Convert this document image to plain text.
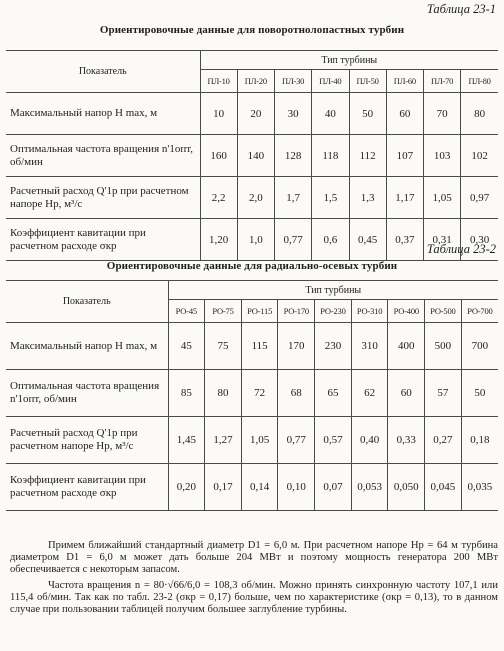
Таблица 23-1
Ориентировочные данные для поворотнолопастных турбин
Показатель	Тип турбины							
	ПЛ-10	ПЛ-20	ПЛ-30	ПЛ-40	ПЛ-50	ПЛ-60	ПЛ-70	ПЛ-80
Максимальный напор H max, м	10	20	30	40	50	60	70	80
Оптимальная частота вращения n'1опт, об/мин	160	140	128	118	112	107	103	102
Расчетный расход Q'1р при расчетном напоре Hр, м³/с	2,2	2,0	1,7	1,5	1,3	1,17	1,05	0,97
Коэффициент кавитации при расчетном расходе σкр	1,20	1,0	0,77	0,6	0,45	0,37	0,31	0,30
Таблица 23-2
Ориентировочные данные для радиально-осевых турбин
Показатель	Тип турбины								
	РО-45	РО-75	РО-115	РО-170	РО-230	РО-310	РО-400	РО-500	РО-700
Максимальный напор H max, м	45	75	115	170	230	310	400	500	700
Оптимальная частота вращения n'1опт, об/мин	85	80	72	68	65	62	60	57	50
Расчетный расход Q'1р при расчетном напоре Hр, м³/с	1,45	1,27	1,05	0,77	0,57	0,40	0,33	0,27	0,18
Коэффициент кавитации при расчетном расходе σкр	0,20	0,17	0,14	0,10	0,07	0,053	0,050	0,045	0,035

Примем ближайший стандартный диаметр D1 = 6,0 м. При расчетном напоре Hр = 64 м турбина диаметром D1 = 6,0 м может дать больше 204 МВт и поэтому мощность генератора 200 МВт обеспечивается с некоторым запасом.

Частота вращения n = 80·√66/6,0 = 108,3 об/мин. Можно принять синхронную частоту 107,1 или 115,4 об/мин. Так как по табл. 23-2 (σкр = 0,17) больше, чем по характеристике (σкр = 0,13), то в данном случае при пользовании таблицей получим большее заглубление турбины.
